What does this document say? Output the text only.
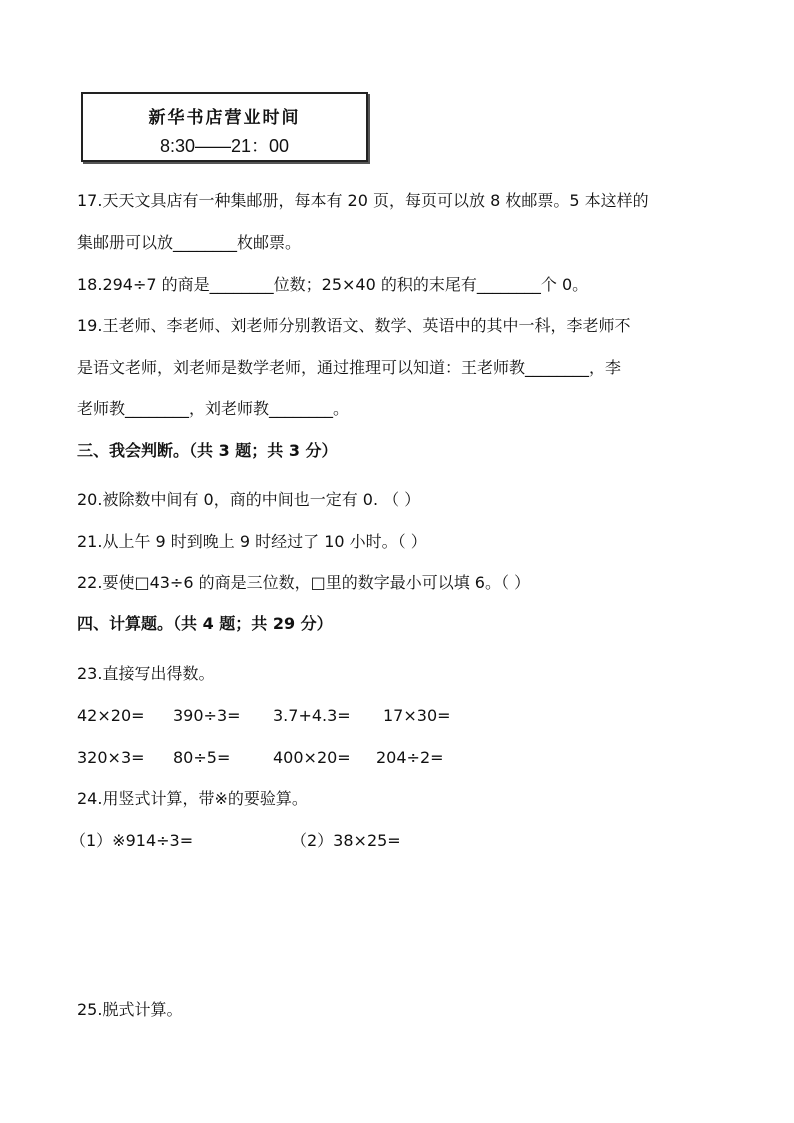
新华书店营业时间
8:30——21：00
17.天天文具店有一种集邮册，每本有 20 页，每页可以放 8 枚邮票。5 本这样的
集邮册可以放________枚邮票。
18.294÷7 的商是________位数；25×40 的积的末尾有________个 0。
19.王老师、李老师、刘老师分别教语文、数学、英语中的其中一科，李老师不
是语文老师，刘老师是数学老师，通过推理可以知道：王老师教________，李
老师教________，刘老师教________。
三、我会判断。（共 3 题；共 3 分）
20.被除数中间有 0，商的中间也一定有 0. （ ）
21.从上午 9 时到晚上 9 时经过了 10 小时。（ ）
22.要使□43÷6 的商是三位数，□里的数字最小可以填 6。（ ）
四、计算题。（共 4 题；共 29 分）
23.直接写出得数。
42×20= 390÷3= 3.7+4.3= 17×30=
320×3= 80÷5=	400×20= 204÷2=
24.用竖式计算，带※的要验算。
（1）※914÷3=	（2）38×25=
25.脱式计算。
